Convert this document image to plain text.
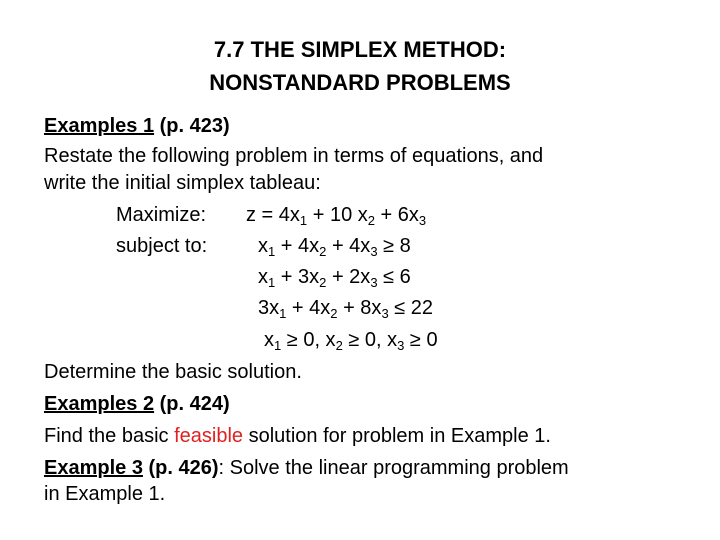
7.7 THE SIMPLEX METHOD:
NONSTANDARD PROBLEMS
Examples 1 (p. 423)
Restate the following problem in terms of equations, and
write the initial simplex tableau:
Maximize: $z = 4x_1 + 10$ $x_2 + 6x_3$
subject to:	$x_1 + 4x_2 + 4x_3 \ge 8$
$x_1 + 3x_2 + 2x_3 \le 6$
$3x_1 + 4x_2 + 8x_3 \le 22$
$x_1 \ge 0$, $x_2 \ge 0$, $x_3 \ge 0$
Determine the basic solution.
Examples 2 (p. 424)
Find the basic feasible solution for problem in Example 1.
Example 3 (p. 426): Solve the linear programming problem
in Example 1.
